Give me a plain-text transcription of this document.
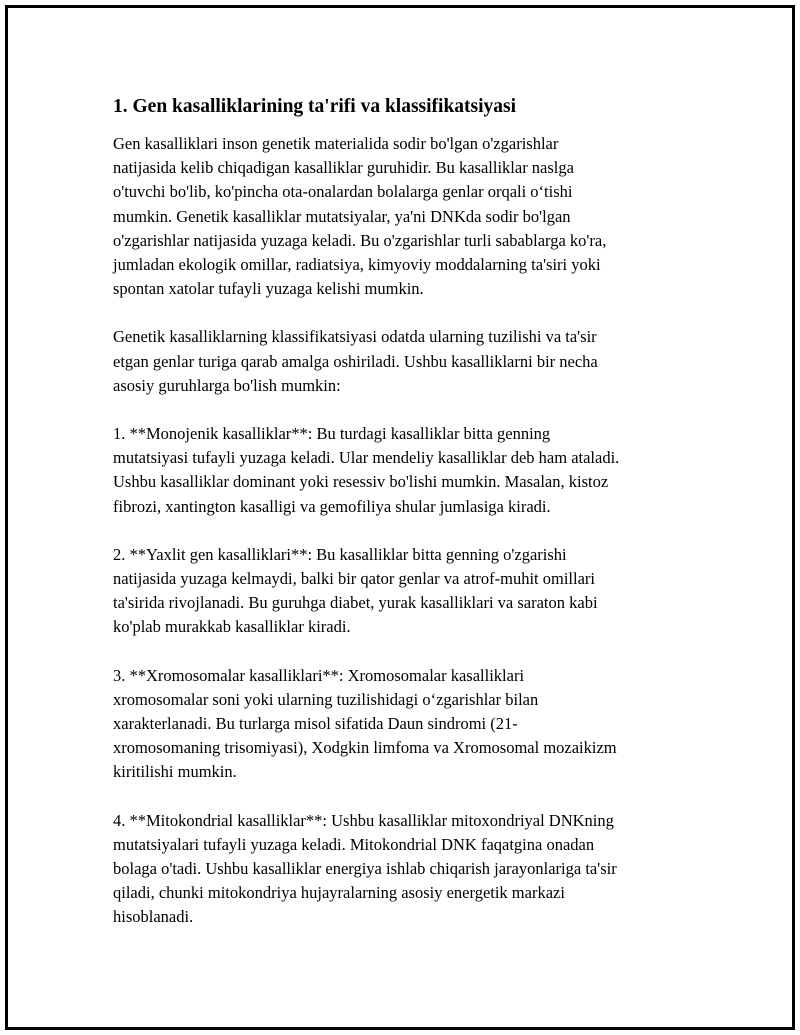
1. Gen kasalliklarining ta'rifi va klassifikatsiyasi

Gen kasalliklari inson genetik materialida sodir bo'lgan o'zgarishlar
natijasida kelib chiqadigan kasalliklar guruhidir. Bu kasalliklar naslga
o'tuvchi bo'lib, ko'pincha ota-onalardan bolalarga genlar orqali o‘tishi
mumkin. Genetik kasalliklar mutatsiyalar, ya'ni DNKda sodir bo'lgan
o'zgarishlar natijasida yuzaga keladi. Bu o'zgarishlar turli sabablarga ko'ra,
jumladan ekologik omillar, radiatsiya, kimyoviy moddalarning ta'siri yoki
spontan xatolar tufayli yuzaga kelishi mumkin.

Genetik kasalliklarning klassifikatsiyasi odatda ularning tuzilishi va ta'sir
etgan genlar turiga qarab amalga oshiriladi. Ushbu kasalliklarni bir necha
asosiy guruhlarga bo'lish mumkin:

1. **Monojenik kasalliklar**: Bu turdagi kasalliklar bitta genning
mutatsiyasi tufayli yuzaga keladi. Ular mendeliy kasalliklar deb ham ataladi.
Ushbu kasalliklar dominant yoki resessiv bo'lishi mumkin. Masalan, kistoz
fibrozi, xantington kasalligi va gemofiliya shular jumlasiga kiradi.

2. **Yaxlit gen kasalliklari**: Bu kasalliklar bitta genning o'zgarishi
natijasida yuzaga kelmaydi, balki bir qator genlar va atrof-muhit omillari
ta'sirida rivojlanadi. Bu guruhga diabet, yurak kasalliklari va saraton kabi
ko'plab murakkab kasalliklar kiradi.

3. **Xromosomalar kasalliklari**: Xromosomalar kasalliklari
xromosomalar soni yoki ularning tuzilishidagi o‘zgarishlar bilan
xarakterlanadi. Bu turlarga misol sifatida Daun sindromi (21-
xromosomaning trisomiyasi), Xodgkin limfoma va Xromosomal mozaikizm
kiritilishi mumkin.

4. **Mitokondrial kasalliklar**: Ushbu kasalliklar mitoxondriyal DNKning
mutatsiyalari tufayli yuzaga keladi. Mitokondrial DNK faqatgina onadan
bolaga o'tadi. Ushbu kasalliklar energiya ishlab chiqarish jarayonlariga ta'sir
qiladi, chunki mitokondriya hujayralarning asosiy energetik markazi
hisoblanadi.
